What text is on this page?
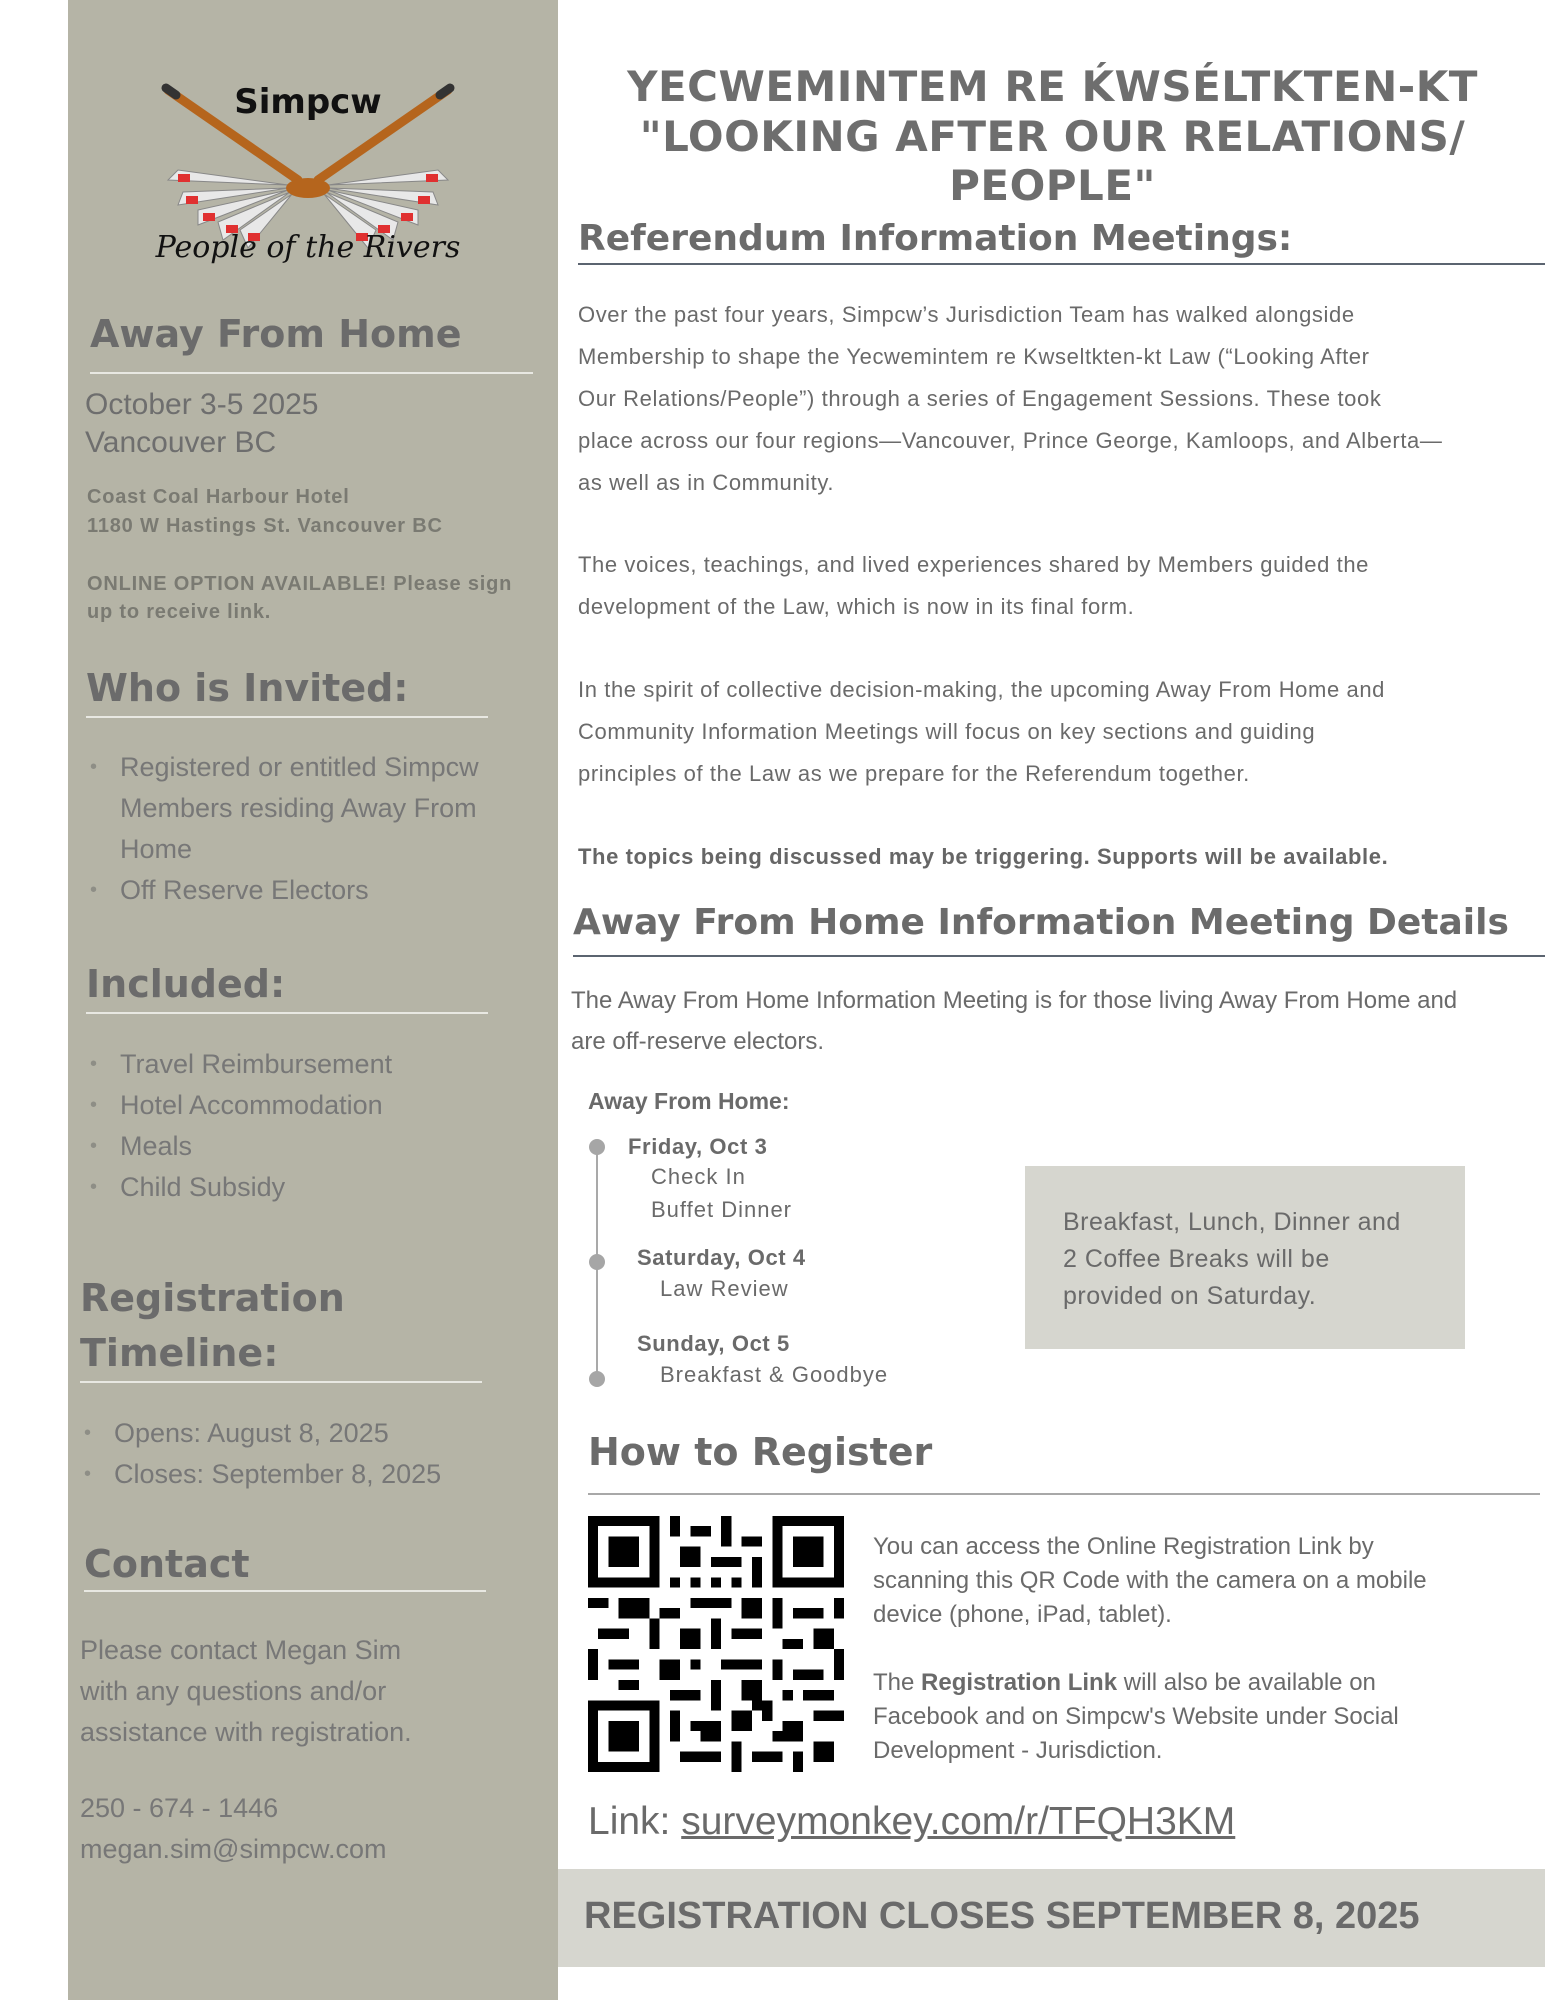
Simpcw
People of the Rivers
Away From Home
October 3-5 2025
Vancouver BC
Coast Coal Harbour Hotel
1180 W Hastings St. Vancouver BC
ONLINE OPTION AVAILABLE! Please sign
up to receive link.
Who is Invited:
• Registered or entitled Simpcw
Members residing Away From
Home
• Off Reserve Electors
Included:
• Travel Reimbursement
• Hotel Accommodation
• Meals
• Child Subsidy
Registration
Timeline:
• Opens: August 8, 2025
• Closes: September 8, 2025
Contact
Please contact Megan Sim
with any questions and/or
assistance with registration.
250 - 674 - 1446
megan.sim@simpcw.com
YECWEMINTEM RE ḰWSÉLTKTEN-KT
"LOOKING AFTER OUR RELATIONS/ PEOPLE"
Referendum Information Meetings:
Over the past four years, Simpcw’s Jurisdiction Team has walked alongside
Membership to shape the Yecwemintem re Kwseltkten-kt Law (“Looking After
Our Relations/People”) through a series of Engagement Sessions. These took
place across our four regions—Vancouver, Prince George, Kamloops, and Alberta—
as well as in Community.
The voices, teachings, and lived experiences shared by Members guided the
development of the Law, which is now in its final form.
In the spirit of collective decision-making, the upcoming Away From Home and
Community Information Meetings will focus on key sections and guiding
principles of the Law as we prepare for the Referendum together.
The topics being discussed may be triggering. Supports will be available.
Away From Home Information Meeting Details
The Away From Home Information Meeting is for those living Away From Home and
are off-reserve electors.
Away From Home:
Friday, Oct 3
Check In
Buffet Dinner
Saturday, Oct 4
Law Review
Sunday, Oct 5
Breakfast & Goodbye
Breakfast, Lunch, Dinner and
2 Coffee Breaks will be
provided on Saturday.
How to Register
You can access the Online Registration Link by
scanning this QR Code with the camera on a mobile
device (phone, iPad, tablet).
The Registration Link will also be available on
Facebook and on Simpcw's Website under Social
Development - Jurisdiction.
Link: surveymonkey.com/r/TFQH3KM
REGISTRATION CLOSES SEPTEMBER 8, 2025
